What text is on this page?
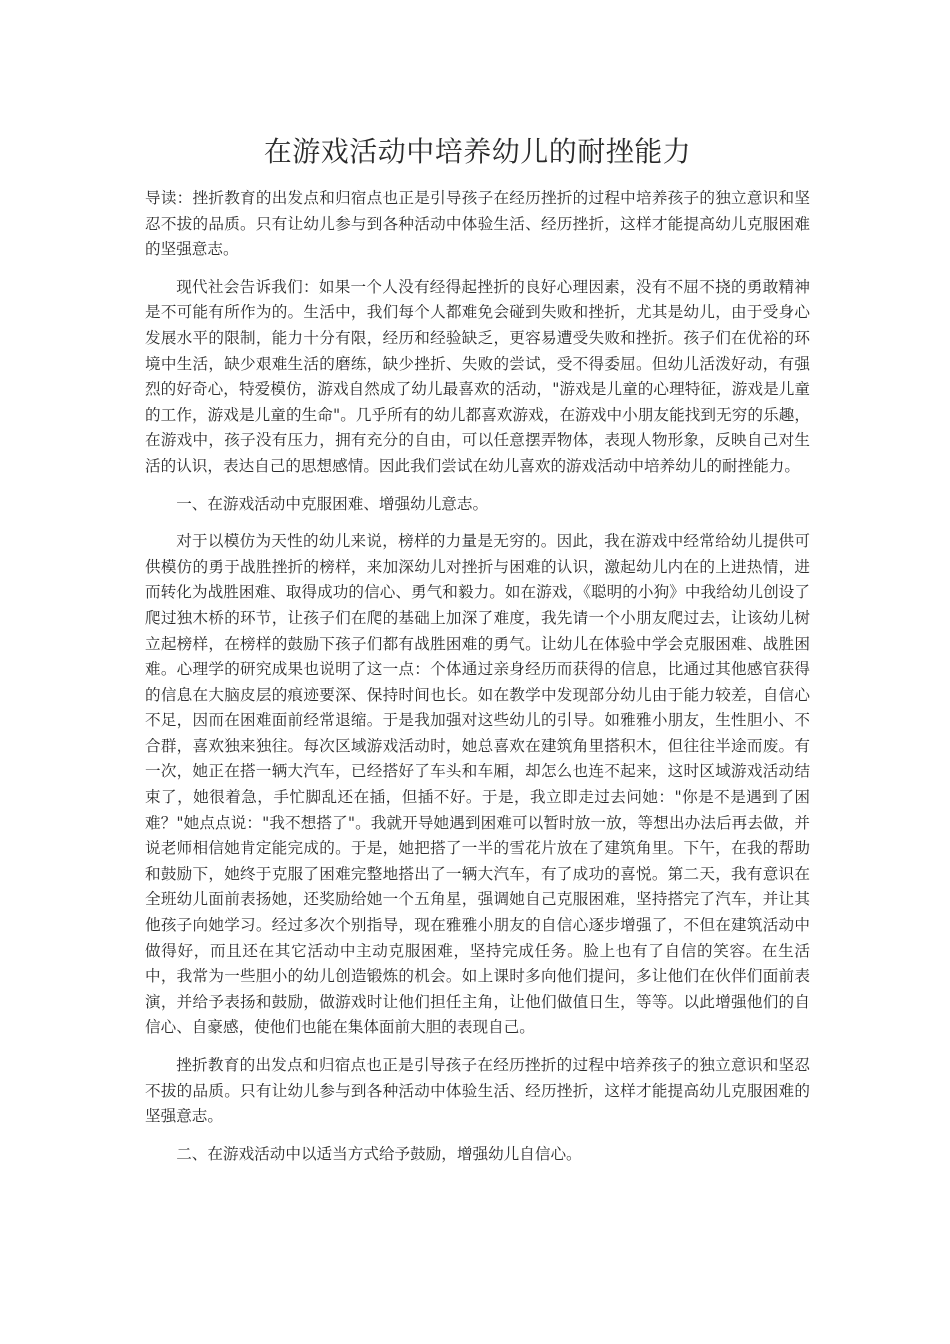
在游戏活动中培养幼儿的耐挫能力

导读：挫折教育的出发点和归宿点也正是引导孩子在经历挫折的过程中培养孩子的独立意识和坚忍不拔的品质。只有让幼儿参与到各种活动中体验生活、经历挫折，这样才能提高幼儿克服困难的坚强意志。

现代社会告诉我们：如果一个人没有经得起挫折的良好心理因素，没有不屈不挠的勇敢精神是不可能有所作为的。生活中，我们每个人都难免会碰到失败和挫折，尤其是幼儿，由于受身心发展水平的限制，能力十分有限，经历和经验缺乏，更容易遭受失败和挫折。孩子们在优裕的环境中生活，缺少艰难生活的磨练，缺少挫折、失败的尝试，受不得委屈。但幼儿活泼好动，有强烈的好奇心，特爱模仿，游戏自然成了幼儿最喜欢的活动，"游戏是儿童的心理特征，游戏是儿童的工作，游戏是儿童的生命"。几乎所有的幼儿都喜欢游戏，在游戏中小朋友能找到无穷的乐趣，在游戏中，孩子没有压力，拥有充分的自由，可以任意摆弄物体，表现人物形象，反映自己对生活的认识，表达自己的思想感情。因此我们尝试在幼儿喜欢的游戏活动中培养幼儿的耐挫能力。

一、在游戏活动中克服困难、增强幼儿意志。

对于以模仿为天性的幼儿来说，榜样的力量是无穷的。因此，我在游戏中经常给幼儿提供可供模仿的勇于战胜挫折的榜样，来加深幼儿对挫折与困难的认识，激起幼儿内在的上进热情，进而转化为战胜困难、取得成功的信心、勇气和毅力。如在游戏，《聪明的小狗》中我给幼儿创设了爬过独木桥的环节，让孩子们在爬的基础上加深了难度，我先请一个小朋友爬过去，让该幼儿树立起榜样，在榜样的鼓励下孩子们都有战胜困难的勇气。让幼儿在体验中学会克服困难、战胜困难。心理学的研究成果也说明了这一点：个体通过亲身经历而获得的信息，比通过其他感官获得的信息在大脑皮层的痕迹要深、保持时间也长。如在教学中发现部分幼儿由于能力较差，自信心不足，因而在困难面前经常退缩。于是我加强对这些幼儿的引导。如雅雅小朋友，生性胆小、不合群，喜欢独来独往。每次区域游戏活动时，她总喜欢在建筑角里搭积木，但往往半途而废。有一次，她正在搭一辆大汽车，已经搭好了车头和车厢，却怎么也连不起来，这时区域游戏活动结束了，她很着急，手忙脚乱还在插，但插不好。于是，我立即走过去问她："你是不是遇到了困难？"她点点说："我不想搭了"。我就开导她遇到困难可以暂时放一放，等想出办法后再去做，并说老师相信她肯定能完成的。于是，她把搭了一半的雪花片放在了建筑角里。下午，在我的帮助和鼓励下，她终于克服了困难完整地搭出了一辆大汽车，有了成功的喜悦。第二天，我有意识在全班幼儿面前表扬她，还奖励给她一个五角星，强调她自己克服困难，坚持搭完了汽车，并让其他孩子向她学习。经过多次个别指导，现在雅雅小朋友的自信心逐步增强了，不但在建筑活动中做得好，而且还在其它活动中主动克服困难，坚持完成任务。脸上也有了自信的笑容。在生活中，我常为一些胆小的幼儿创造锻炼的机会。如上课时多向他们提问，多让他们在伙伴们面前表演，并给予表扬和鼓励，做游戏时让他们担任主角，让他们做值日生，等等。以此增强他们的自信心、自豪感，使他们也能在集体面前大胆的表现自己。

挫折教育的出发点和归宿点也正是引导孩子在经历挫折的过程中培养孩子的独立意识和坚忍不拔的品质。只有让幼儿参与到各种活动中体验生活、经历挫折，这样才能提高幼儿克服困难的坚强意志。

二、在游戏活动中以适当方式给予鼓励，增强幼儿自信心。
